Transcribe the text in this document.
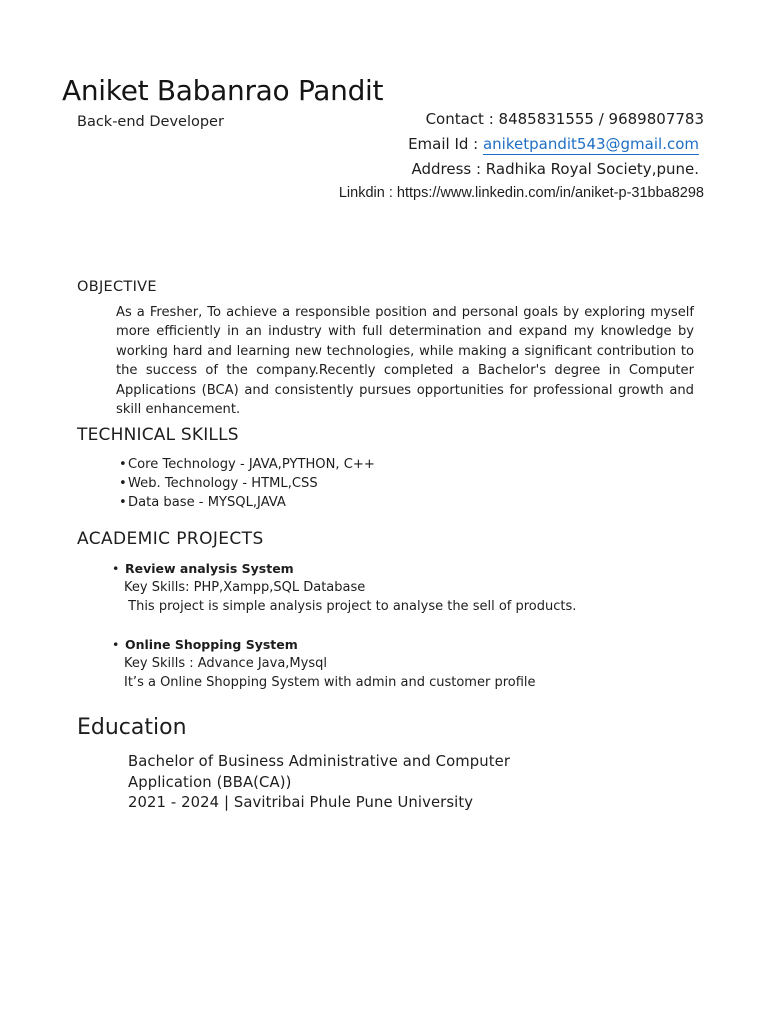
Aniket Babanrao Pandit
Back-end Developer	Contact : 8485831555 / 9689807783
Email Id : aniketpandit543@gmail.com
Address : Radhika Royal Society,pune.
Linkdin : https://www.linkedin.com/in/aniket-p-31bba8298
OBJECTIVE
As a Fresher, To achieve a responsible position and personal goals by exploring myself more efficiently in an industry with full determination and expand my knowledge by working hard and learning new technologies, while making a significant contribution to the success of the company.Recently completed a Bachelor's degree in Computer Applications (BCA) and consistently pursues opportunities for professional growth and skill enhancement.
TECHNICAL SKILLS
•Core Technology - JAVA,PYTHON, C++
•Web. Technology - HTML,CSS
•Data base - MYSQL,JAVA
ACADEMIC PROJECTS
• Review analysis System
Key Skills: PHP,Xampp,SQL Database
This project is simple analysis project to analyse the sell of products.
• Online Shopping System
Key Skills : Advance Java,Mysql
It’s a Online Shopping System with admin and customer profile
Education
Bachelor of Business Administrative and Computer
Application (BBA(CA))
2021 - 2024 | Savitribai Phule Pune University
